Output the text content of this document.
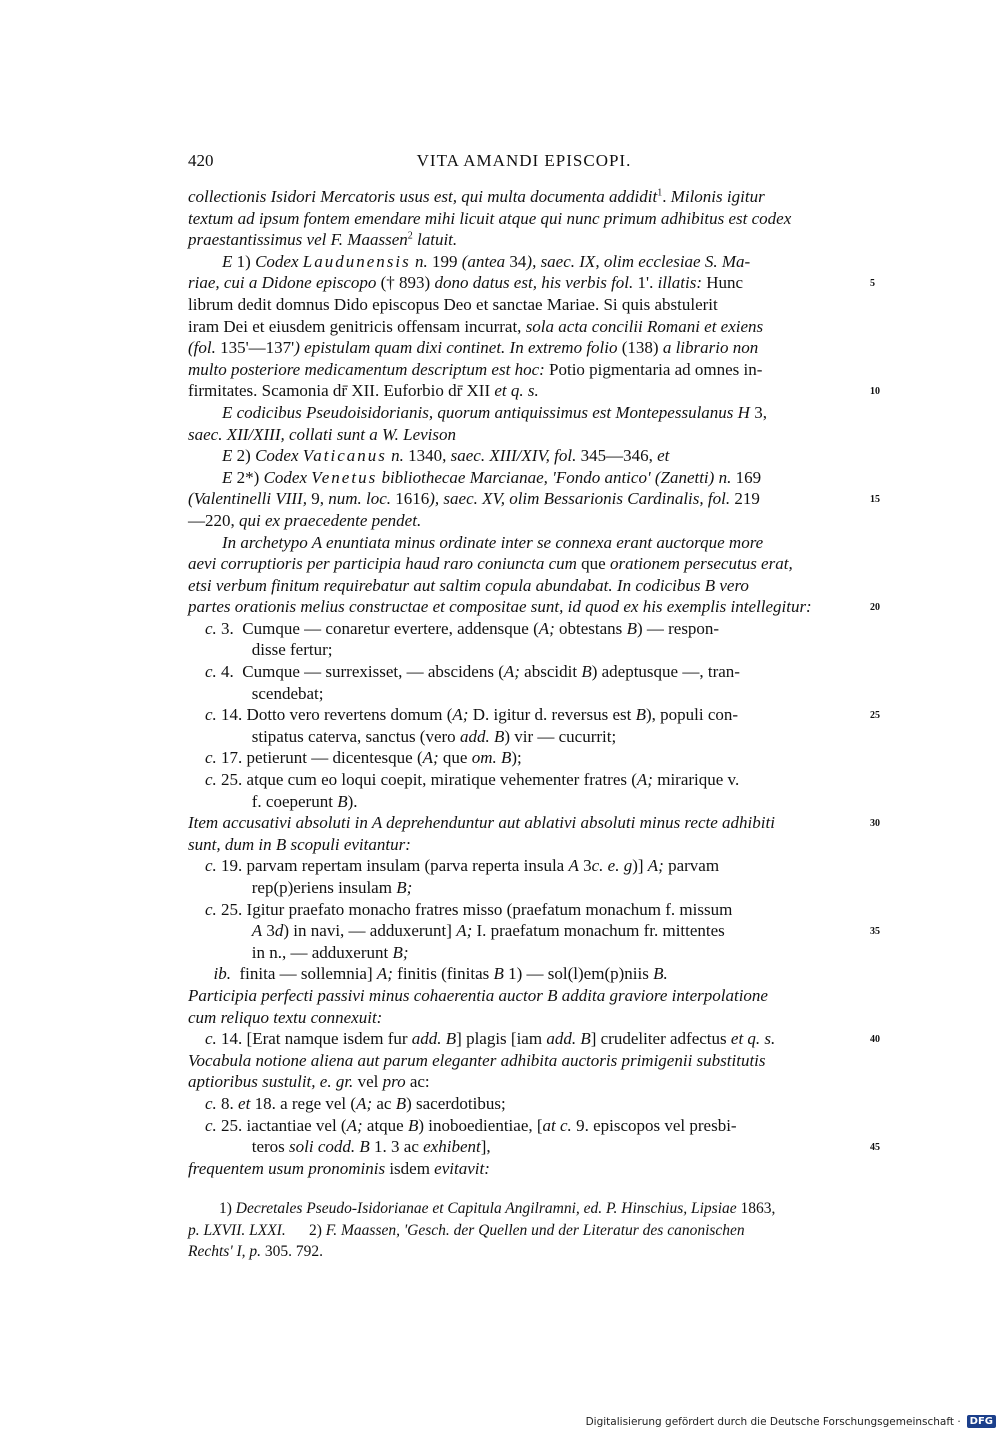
420	VITA AMANDI EPISCOPI.
collectionis Isidori Mercatoris usus est, qui multa documenta addidit$^1$. Milonis igitur
textum ad ipsum fontem emendare mihi licuit atque qui nunc primum adhibitus est codex
praestantissimus vel F. Maassen$^2$ latuit.
  E 1) Codex Laudunensis n. 199 (antea 34), saec. IX, olim ecclesiae S. Ma-
riae, cui a Didone episcopo († 893) dono datus est, his verbis fol. 1'. illatis: Hunc	5
librum dedit domnus Dido episcopus Deo et sanctae Mariae. Si quis abstulerit
iram Dei et eiusdem genitricis offensam incurrat, sola acta concilii Romani et exiens
(fol. 135'—137') epistulam quam dixi continet. In extremo folio (138) a librario non
multo posteriore medicamentum descriptum est hoc: Potio pigmentaria ad omnes in-
firmitates. Scamonia dr̄ XII. Euforbio dr̄ XII et q. s.	10
  E codicibus Pseudoisidorianis, quorum antiquissimus est Montepessulanus H 3,
saec. XII/XIII, collati sunt a W. Levison
  E 2) Codex Vaticanus n. 1340, saec. XIII/XIV, fol. 345—346, et
  E 2*) Codex Venetus bibliothecae Marcianae, 'Fondo antico' (Zanetti) n. 169
(Valentinelli VIII, 9, num. loc. 1616), saec. XV, olim Bessarionis Cardinalis, fol. 219	15
—220, qui ex praecedente pendet.
  In archetypo A enuntiata minus ordinate inter se connexa erant auctorque more
aevi corruptioris per participia haud raro coniuncta cum que orationem persecutus erat,
etsi verbum finitum requirebatur aut saltim copula abundabat. In codicibus B vero
partes orationis melius constructae et compositae sunt, id quod ex his exemplis intellegitur:	20
 c. 3. Cumque — conaretur evertere, addensque (A; obtestans B) — respon-
     disse fertur;
 c. 4. Cumque — surrexisset, — abscidens (A; abscidit B) adeptusque —, tran-
     scendebat;
 c. 14. Dotto vero revertens domum (A; D. igitur d. reversus est B), populi con-	25
     stipatus caterva, sanctus (vero add. B) vir — cucurrit;
 c. 17. petierunt — dicentesque (A; que om. B);
 c. 25. atque cum eo loqui coepit, miratique vehementer fratres (A; mirarique v.
     f. coeperunt B).
Item accusativi absoluti in A deprehenduntur aut ablativi absoluti minus recte adhibiti	30
sunt, dum in B scopuli evitantur:
 c. 19. parvam repertam insulam (parva reperta insula A 3c. e. g)] A; parvam
     rep(p)eriens insulam B;
 c. 25. Igitur praefato monacho fratres misso (praefatum monachum f. missum
     A 3d) in navi, — adduxerunt] A; I. praefatum monachum fr. mittentes	35
     in n., — adduxerunt B;
  ib. finita — sollemnia] A; finitis (finitas B 1) — sol(l)em(p)niis B.
Participia perfecti passivi minus cohaerentia auctor B addita graviore interpolatione
cum reliquo textu connexuit:
 c. 14. [Erat namque isdem fur add. B] plagis [iam add. B] crudeliter adfectus et q. s.	40
Vocabula notione aliena aut parum eleganter adhibita auctoris primigenii substitutis
aptioribus sustulit, e. gr. vel pro ac:
 c. 8. et 18. a rege vel (A; ac B) sacerdotibus;
 c. 25. iactantiae vel (A; atque B) inoboedientiae, [at c. 9. episcopos vel presbi-
     teros soli codd. B 1. 3 ac exhibent],	45
frequentem usum pronominis isdem evitavit:
  1) Decretales Pseudo-Isidorianae et Capitula Angilramni, ed. P. Hinschius, Lipsiae 1863,
p. LXVII. LXXI.  2) F. Maassen, 'Gesch. der Quellen und der Literatur des canonischen
Rechts' I, p. 305. 792.
Digitalisierung gefördert durch die Deutsche Forschungsgemeinschaft · DFG
